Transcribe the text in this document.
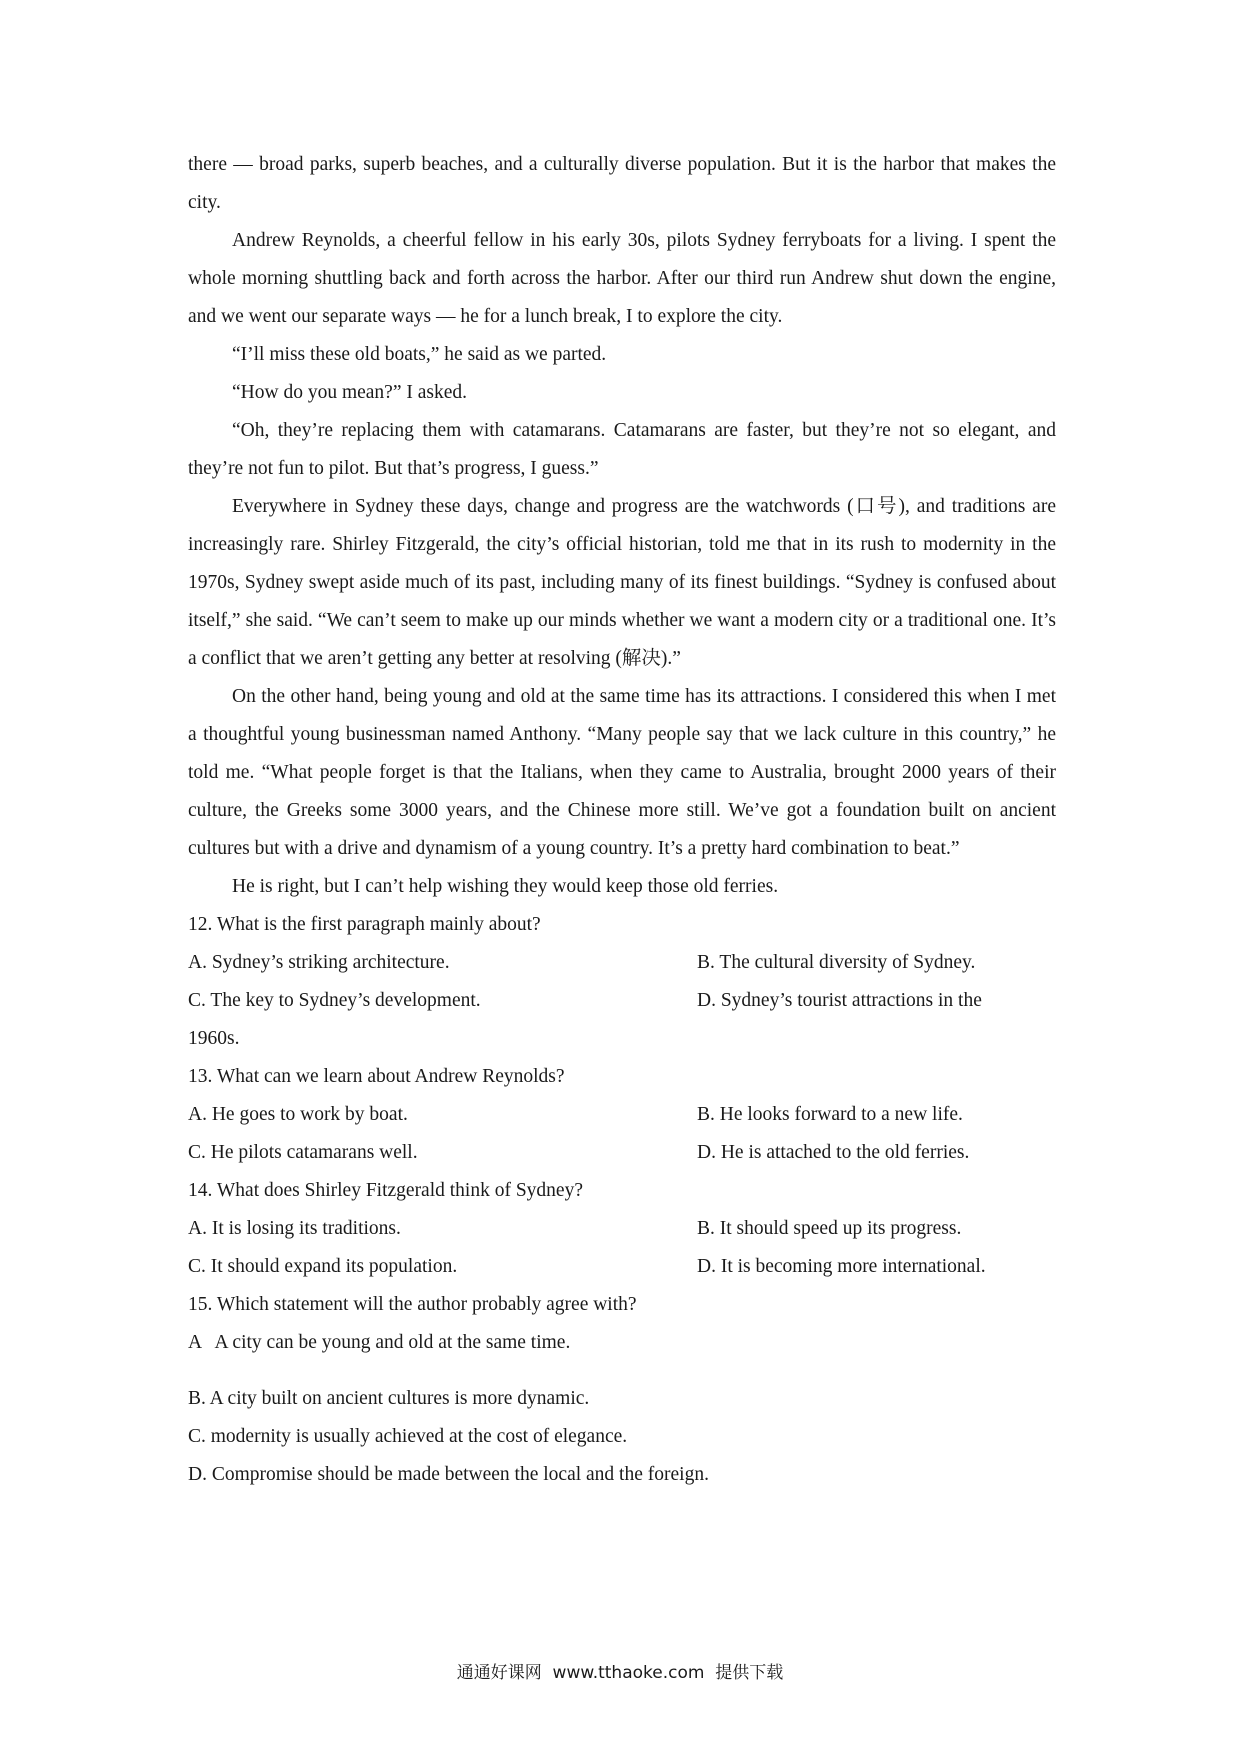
there — broad parks, superb beaches, and a culturally diverse population. But it is the harbor that makes the city.

Andrew Reynolds, a cheerful fellow in his early 30s, pilots Sydney ferryboats for a living. I spent the whole morning shuttling back and forth across the harbor. After our third run Andrew shut down the engine, and we went our separate ways — he for a lunch break, I to explore the city.

“I’ll miss these old boats,” he said as we parted.

“How do you mean?” I asked.

“Oh, they’re replacing them with catamarans. Catamarans are faster, but they’re not so elegant, and they’re not fun to pilot. But that’s progress, I guess.”

Everywhere in Sydney these days, change and progress are the watchwords (口号), and traditions are increasingly rare. Shirley Fitzgerald, the city’s official historian, told me that in its rush to modernity in the 1970s, Sydney swept aside much of its past, including many of its finest buildings. “Sydney is confused about itself,” she said. “We can’t seem to make up our minds whether we want a modern city or a traditional one. It’s a conflict that we aren’t getting any better at resolving (解决).”

On the other hand, being young and old at the same time has its attractions. I considered this when I met a thoughtful young businessman named Anthony. “Many people say that we lack culture in this country,” he told me. “What people forget is that the Italians, when they came to Australia, brought 2000 years of their culture, the Greeks some 3000 years, and the Chinese more still. We’ve got a foundation built on ancient cultures but with a drive and dynamism of a young country. It’s a pretty hard combination to beat.”

He is right, but I can’t help wishing they would keep those old ferries.

12. What is the first paragraph mainly about?
A. Sydney’s striking architecture.	B. The cultural diversity of Sydney.
C. The key to Sydney’s development.	D. Sydney’s tourist attractions in the
1960s.
13. What can we learn about Andrew Reynolds?
A. He goes to work by boat.	B. He looks forward to a new life.
C. He pilots catamarans well.	D. He is attached to the old ferries.
14. What does Shirley Fitzgerald think of Sydney?
A. It is losing its traditions.	B. It should speed up its progress.
C. It should expand its population.	D. It is becoming more international.
15. Which statement will the author probably agree with?
A   A city can be young and old at the same time.
B. A city built on ancient cultures is more dynamic.
C. modernity is usually achieved at the cost of elegance.
D. Compromise should be made between the local and the foreign.
通通好课网  www.tthaoke.com  提供下载
